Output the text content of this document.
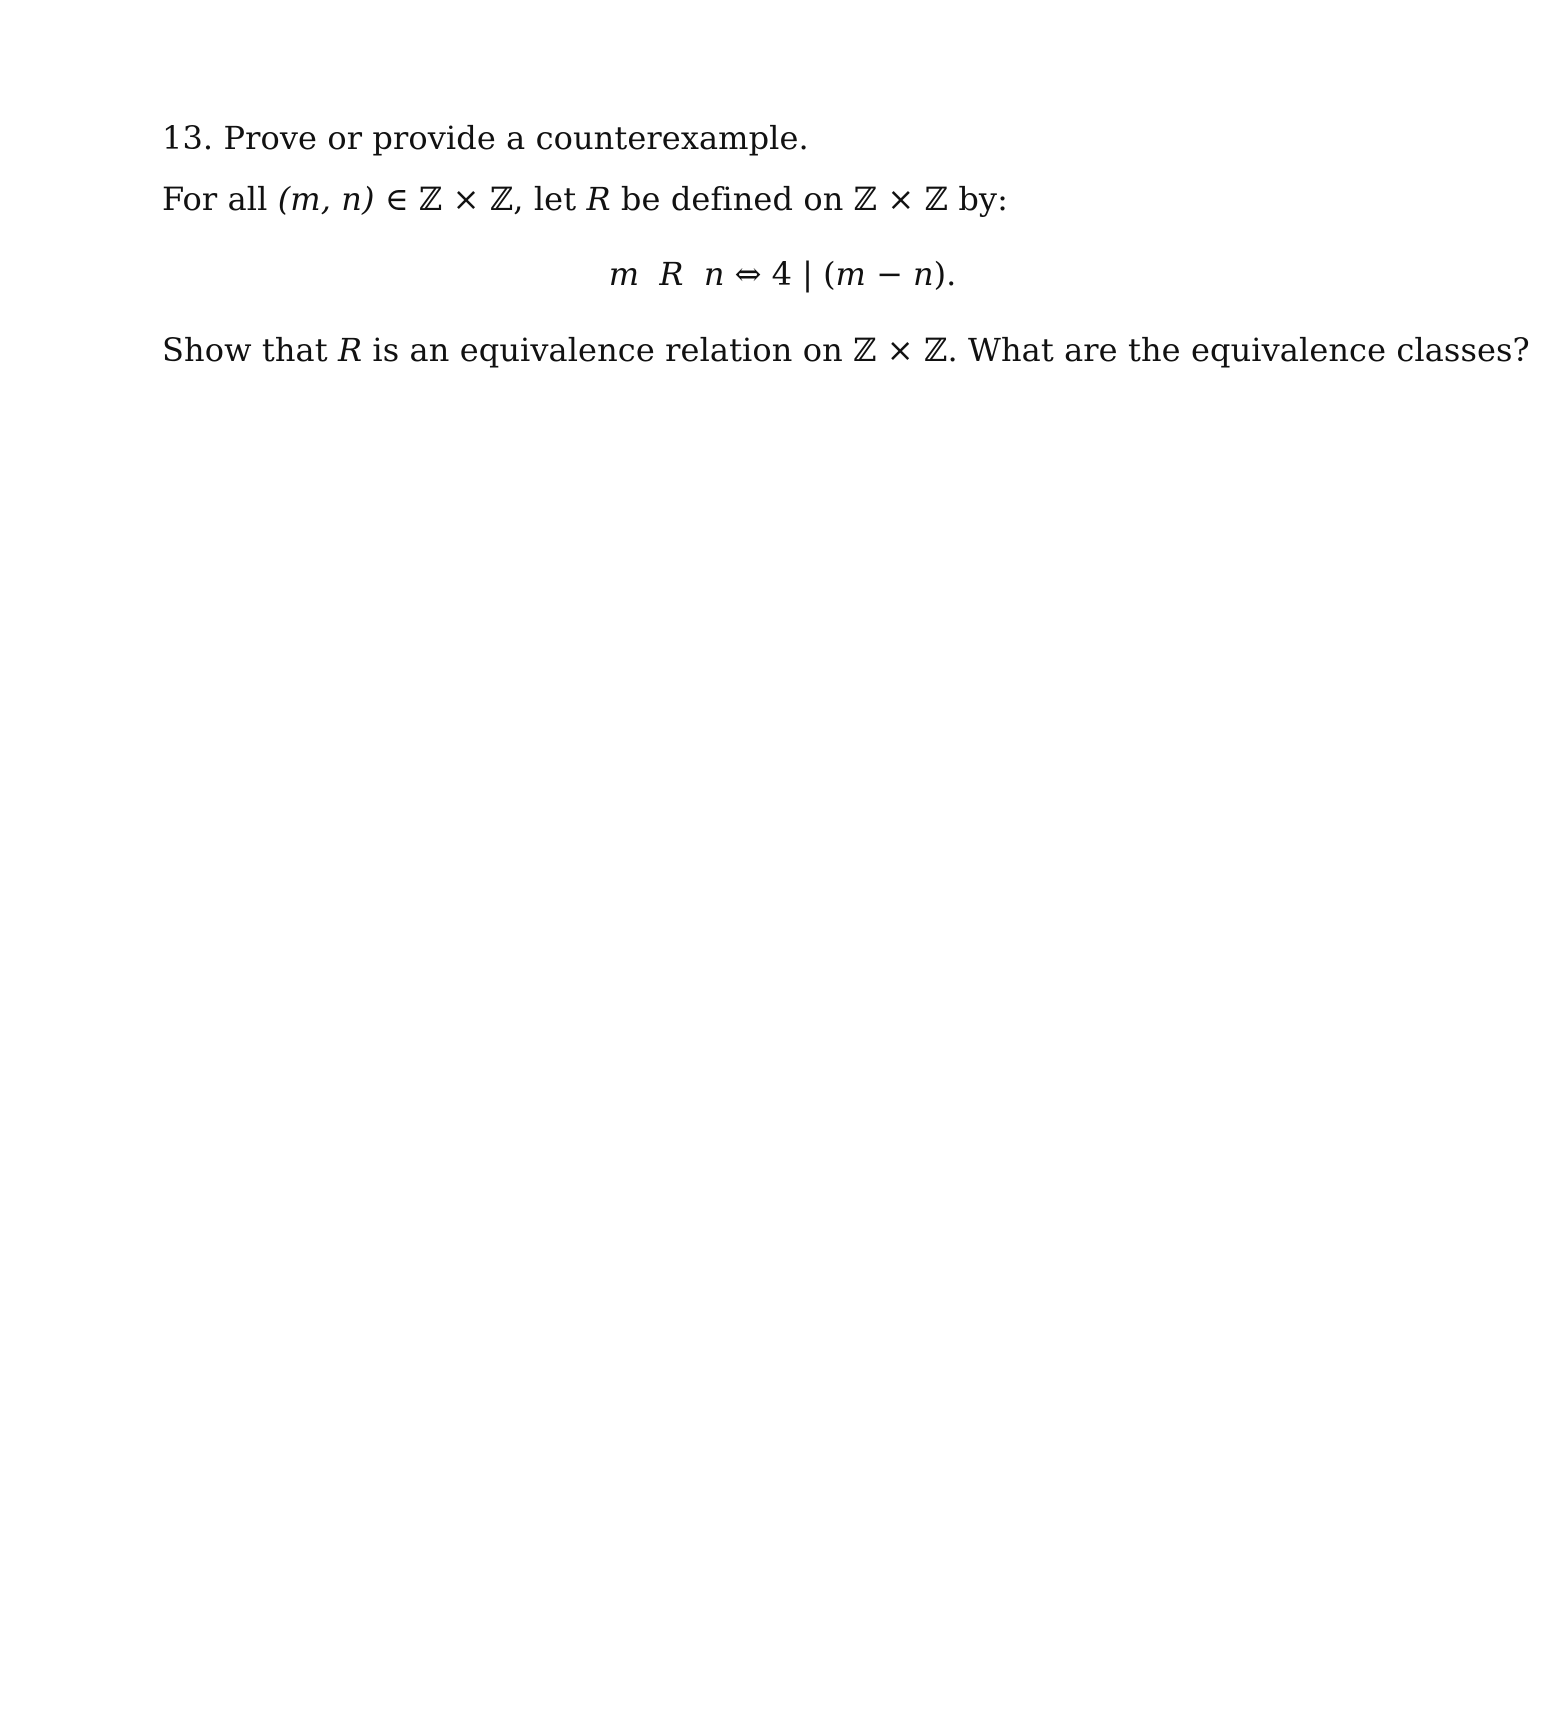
13. Prove or provide a counterexample.
For all (m, n) ∈ ℤ × ℤ, let R be defined on ℤ × ℤ by:
m R n ⇔ 4 | (m − n).
Show that R is an equivalence relation on ℤ × ℤ. What are the equivalence classes?
